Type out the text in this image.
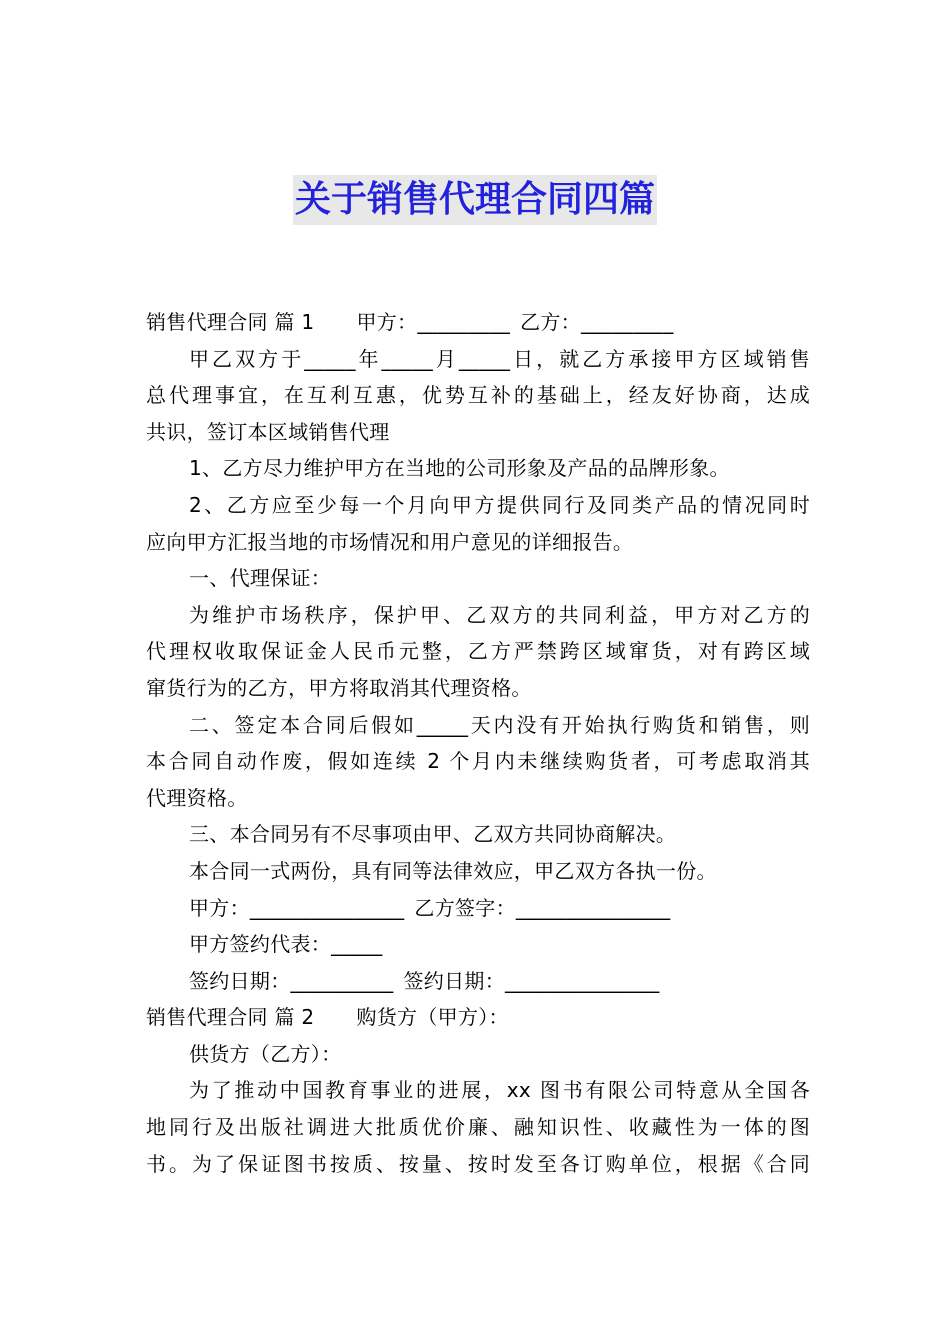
关于销售代理合同四篇
销售代理合同 篇 1 甲方：_________ 乙方：_________
甲乙双方于_____年_____月_____日，就乙方承接甲方区域销售
总代理事宜，在互利互惠，优势互补的基础上，经友好协商，达成
共识，签订本区域销售代理
1、乙方尽力维护甲方在当地的公司形象及产品的品牌形象。
2、乙方应至少每一个月向甲方提供同行及同类产品的情况同时
应向甲方汇报当地的市场情况和用户意见的详细报告。
一、代理保证：
为维护市场秩序，保护甲、乙双方的共同利益，甲方对乙方的
代理权收取保证金人民币元整，乙方严禁跨区域窜货，对有跨区域
窜货行为的乙方，甲方将取消其代理资格。
二、签定本合同后假如_____天内没有开始执行购货和销售，则
本合同自动作废，假如连续 2 个月内未继续购货者，可考虑取消其
代理资格。
三、本合同另有不尽事项由甲、乙双方共同协商解决。
本合同一式两份，具有同等法律效应，甲乙双方各执一份。
甲方：_______________ 乙方签字：_______________
甲方签约代表：_____
签约日期：__________ 签约日期：_______________
销售代理合同 篇 2 购货方（甲方）：
供货方（乙方）：
为了推动中国教育事业的进展，xx 图书有限公司特意从全国各
地同行及出版社调进大批质优价廉、融知识性、收藏性为一体的图
书。为了保证图书按质、按量、按时发至各订购单位，根据《合同
